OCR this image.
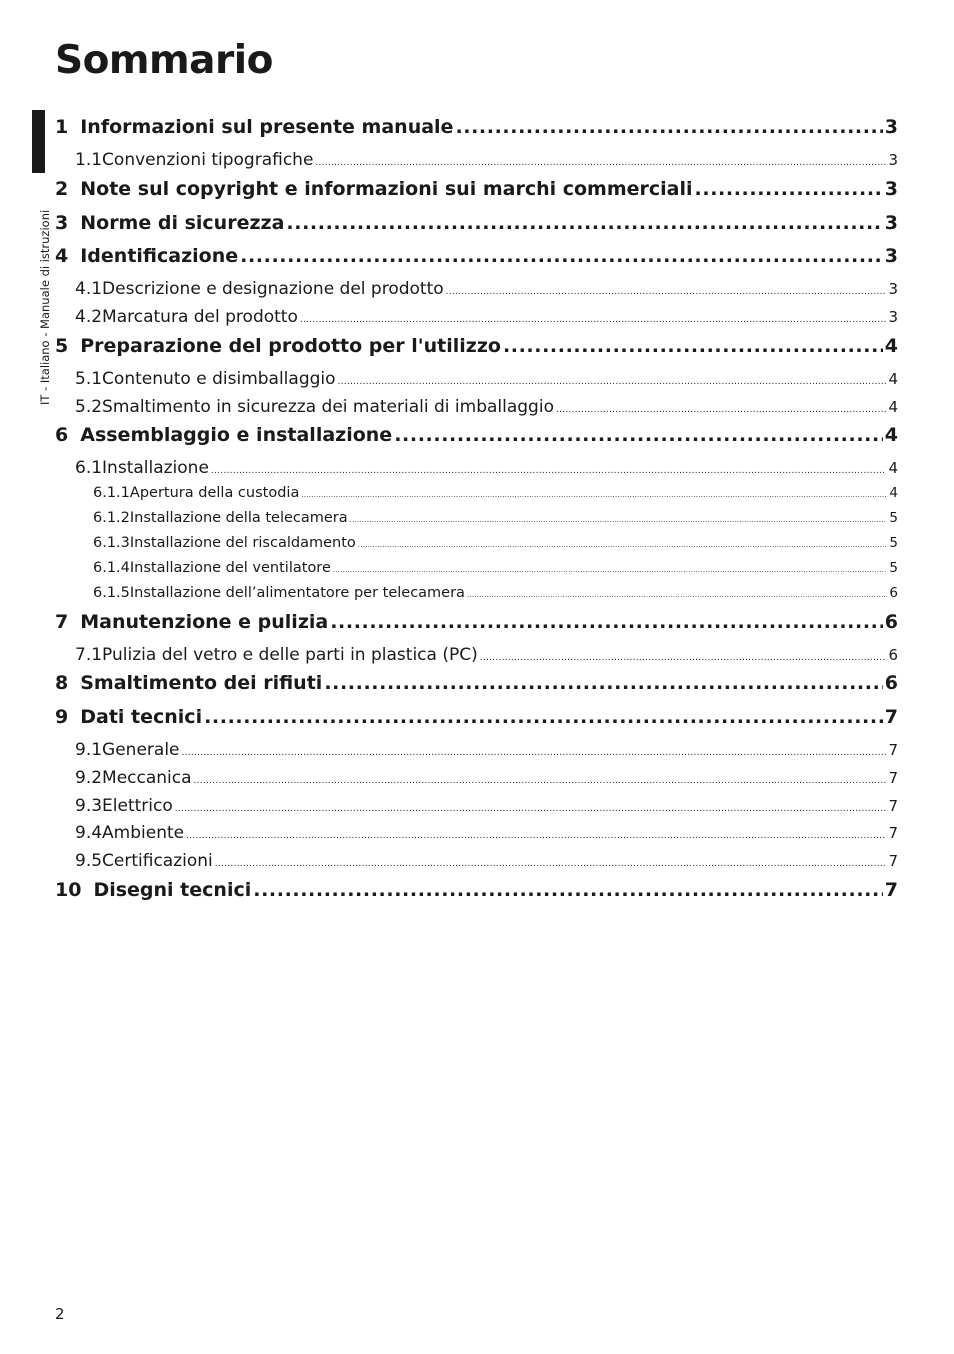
Sommario
IT - Italiano - Manuale di istruzioni
1 Informazioni sul presente manuale . . .	3
1.1 Convenzioni tipografiche . . .	3
2 Note sul copyright e informazioni sui marchi commerciali . . .	3
3 Norme di sicurezza . . .	3
4 Identificazione . . .	3
4.1 Descrizione e designazione del prodotto . . .	3
4.2 Marcatura del prodotto . . .	3
5 Preparazione del prodotto per l'utilizzo . . .	4
5.1 Contenuto e disimballaggio . . .	4
5.2 Smaltimento in sicurezza dei materiali di imballaggio . . .	4
6 Assemblaggio e installazione . . .	4
6.1 Installazione . . .	4
6.1.1 Apertura della custodia . . .	4
6.1.2 Installazione della telecamera . . .	5
6.1.3 Installazione del riscaldamento . . .	5
6.1.4 Installazione del ventilatore . . .	5
6.1.5 Installazione dell’alimentatore per telecamera . . .	6
7 Manutenzione e pulizia . . .	6
7.1 Pulizia del vetro e delle parti in plastica (PC) . . .	6
8 Smaltimento dei rifiuti . . .	6
9 Dati tecnici . . .	7
9.1 Generale . . .	7
9.2 Meccanica . . .	7
9.3 Elettrico . . .	7
9.4 Ambiente . . .	7
9.5 Certificazioni . . .	7
10 Disegni tecnici . . .	7
2
